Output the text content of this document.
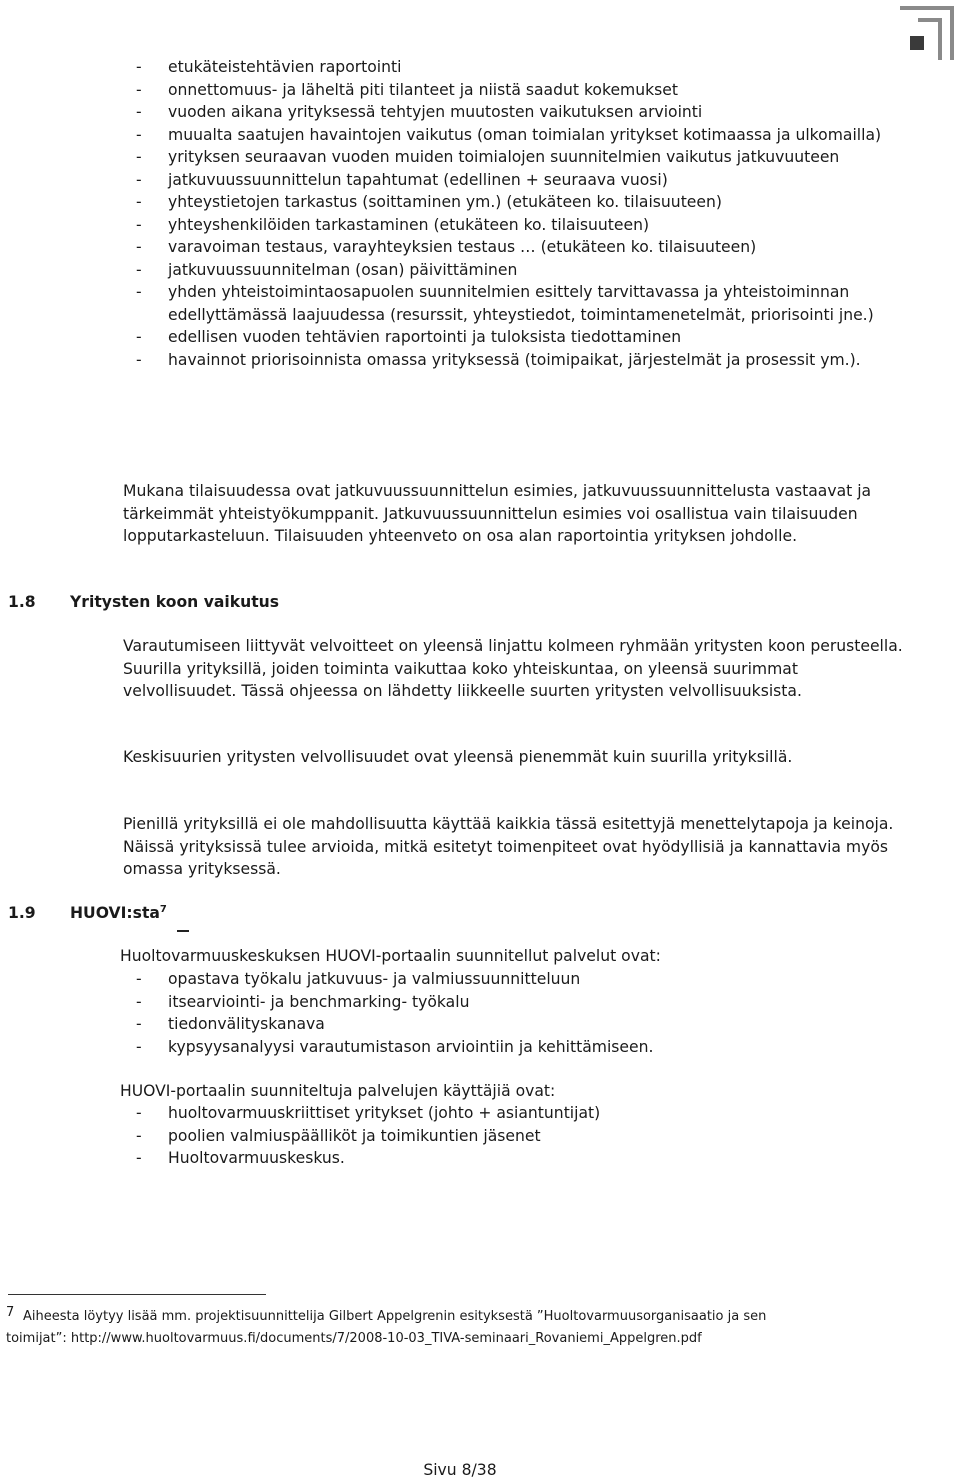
- etukäteistehtävien raportointi
- onnettomuus- ja läheltä piti tilanteet ja niistä saadut kokemukset
- vuoden aikana yrityksessä tehtyjen muutosten vaikutuksen arviointi
- muualta saatujen havaintojen vaikutus (oman toimialan yritykset kotimaassa ja ulkomailla)
- yrityksen seuraavan vuoden muiden toimialojen suunnitelmien vaikutus jatkuvuuteen
- jatkuvuussuunnittelun tapahtumat (edellinen + seuraava vuosi)
- yhteystietojen tarkastus (soittaminen ym.) (etukäteen ko. tilaisuuteen)
- yhteyshenkilöiden tarkastaminen (etukäteen ko. tilaisuuteen)
- varavoiman testaus, varayhteyksien testaus … (etukäteen ko. tilaisuuteen)
- jatkuvuussuunnitelman (osan) päivittäminen
- yhden yhteistoimintaosapuolen suunnitelmien esittely tarvittavassa ja yhteistoiminnan edellyttämässä laajuudessa (resurssit, yhteystiedot, toimintamenetelmät, priorisointi jne.)
- edellisen vuoden tehtävien raportointi ja tuloksista tiedottaminen
- havainnot priorisoinnista omassa yrityksessä (toimipaikat, järjestelmät ja prosessit ym.).
Mukana tilaisuudessa ovat jatkuvuussuunnittelun esimies, jatkuvuussuunnittelusta vastaavat ja tärkeimmät yhteistyökumppanit. Jatkuvuussuunnittelun esimies voi osallistua vain tilaisuuden lopputarkasteluun. Tilaisuuden yhteenveto on osa alan raportointia yrityksen johdolle.
1.8 Yritysten koon vaikutus
Varautumiseen liittyvät velvoitteet on yleensä linjattu kolmeen ryhmään yritysten koon perusteella. Suurilla yrityksillä, joiden toiminta vaikuttaa koko yhteiskuntaa, on yleensä suurimmat velvollisuudet. Tässä ohjeessa on lähdetty liikkeelle suurten yritysten velvollisuuksista.
Keskisuurien yritysten velvollisuudet ovat yleensä pienemmät kuin suurilla yrityksillä.
Pienillä yrityksillä ei ole mahdollisuutta käyttää kaikkia tässä esitettyjä menettelytapoja ja keinoja. Näissä yrityksissä tulee arvioida, mitkä esitetyt toimenpiteet ovat hyödyllisiä ja kannattavia myös omassa yrityksessä.
1.9 HUOVI:sta$^7$
Huoltovarmuuskeskuksen HUOVI-portaalin suunnitellut palvelut ovat:
- opastava työkalu jatkuvuus- ja valmiussuunnitteluun
- itsearviointi- ja benchmarking- työkalu
- tiedonvälityskanava
- kypsyysanalyysi varautumistason arviointiin ja kehittämiseen.
HUOVI-portaalin suunniteltuja palvelujen käyttäjiä ovat:
- huoltovarmuuskriittiset yritykset (johto + asiantuntijat)
- poolien valmiuspäälliköt ja toimikuntien jäsenet
- Huoltovarmuuskeskus.
7 Aiheesta löytyy lisää mm. projektisuunnittelija Gilbert Appelgrenin esityksestä ”Huoltovarmuusorganisaatio ja sen
toimijat”: http://www.huoltovarmuus.fi/documents/7/2008-10-03_TIVA-seminaari_Rovaniemi_Appelgren.pdf
Sivu 8/38
